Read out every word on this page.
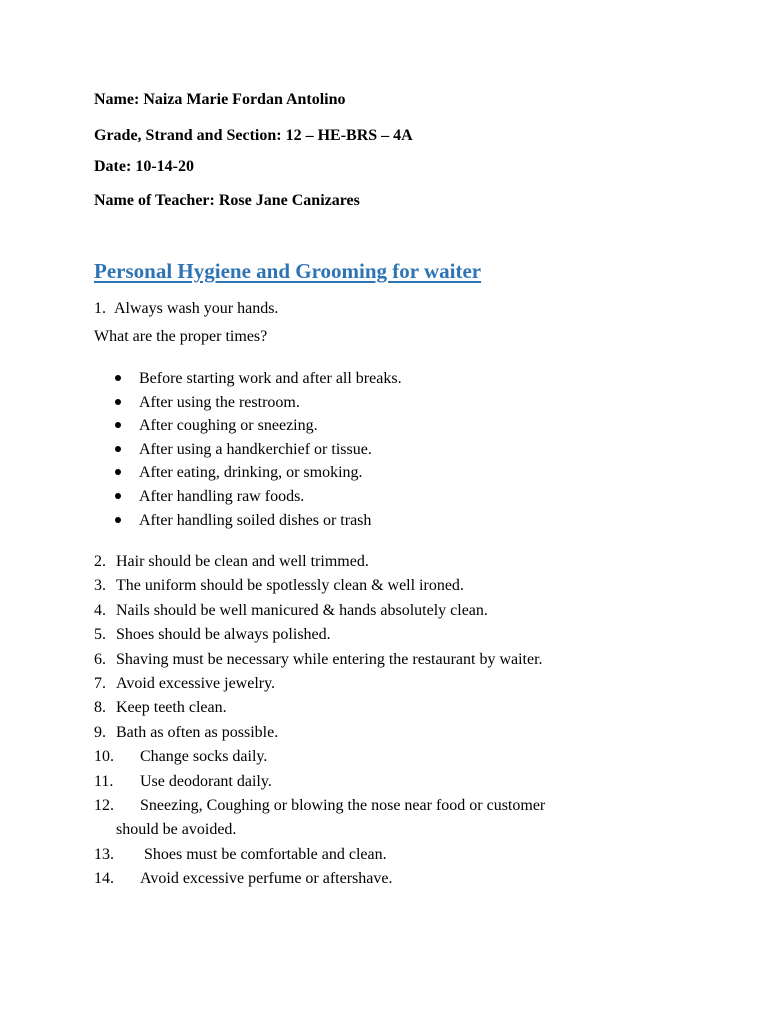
Name: Naiza Marie Fordan Antolino
Grade, Strand and Section: 12 – HE-BRS – 4A
Date: 10-14-20
Name of Teacher: Rose Jane Canizares
Personal Hygiene and Grooming for waiter
1.  Always wash your hands.
What are the proper times?
Before starting work and after all breaks.
After using the restroom.
After coughing or sneezing.
After using a handkerchief or tissue.
After eating, drinking, or smoking.
After handling raw foods.
After handling soiled dishes or trash
2. Hair should be clean and well trimmed.
3. The uniform should be spotlessly clean & well ironed.
4. Nails should be well manicured & hands absolutely clean.
5. Shoes should be always polished.
6. Shaving must be necessary while entering the restaurant by waiter.
7. Avoid excessive jewelry.
8. Keep teeth clean.
9. Bath as often as possible.
10. Change socks daily.
11. Use deodorant daily.
12. Sneezing, Coughing or blowing the nose near food or customer
should be avoided.
13. Shoes must be comfortable and clean.
14. Avoid excessive perfume or aftershave.
